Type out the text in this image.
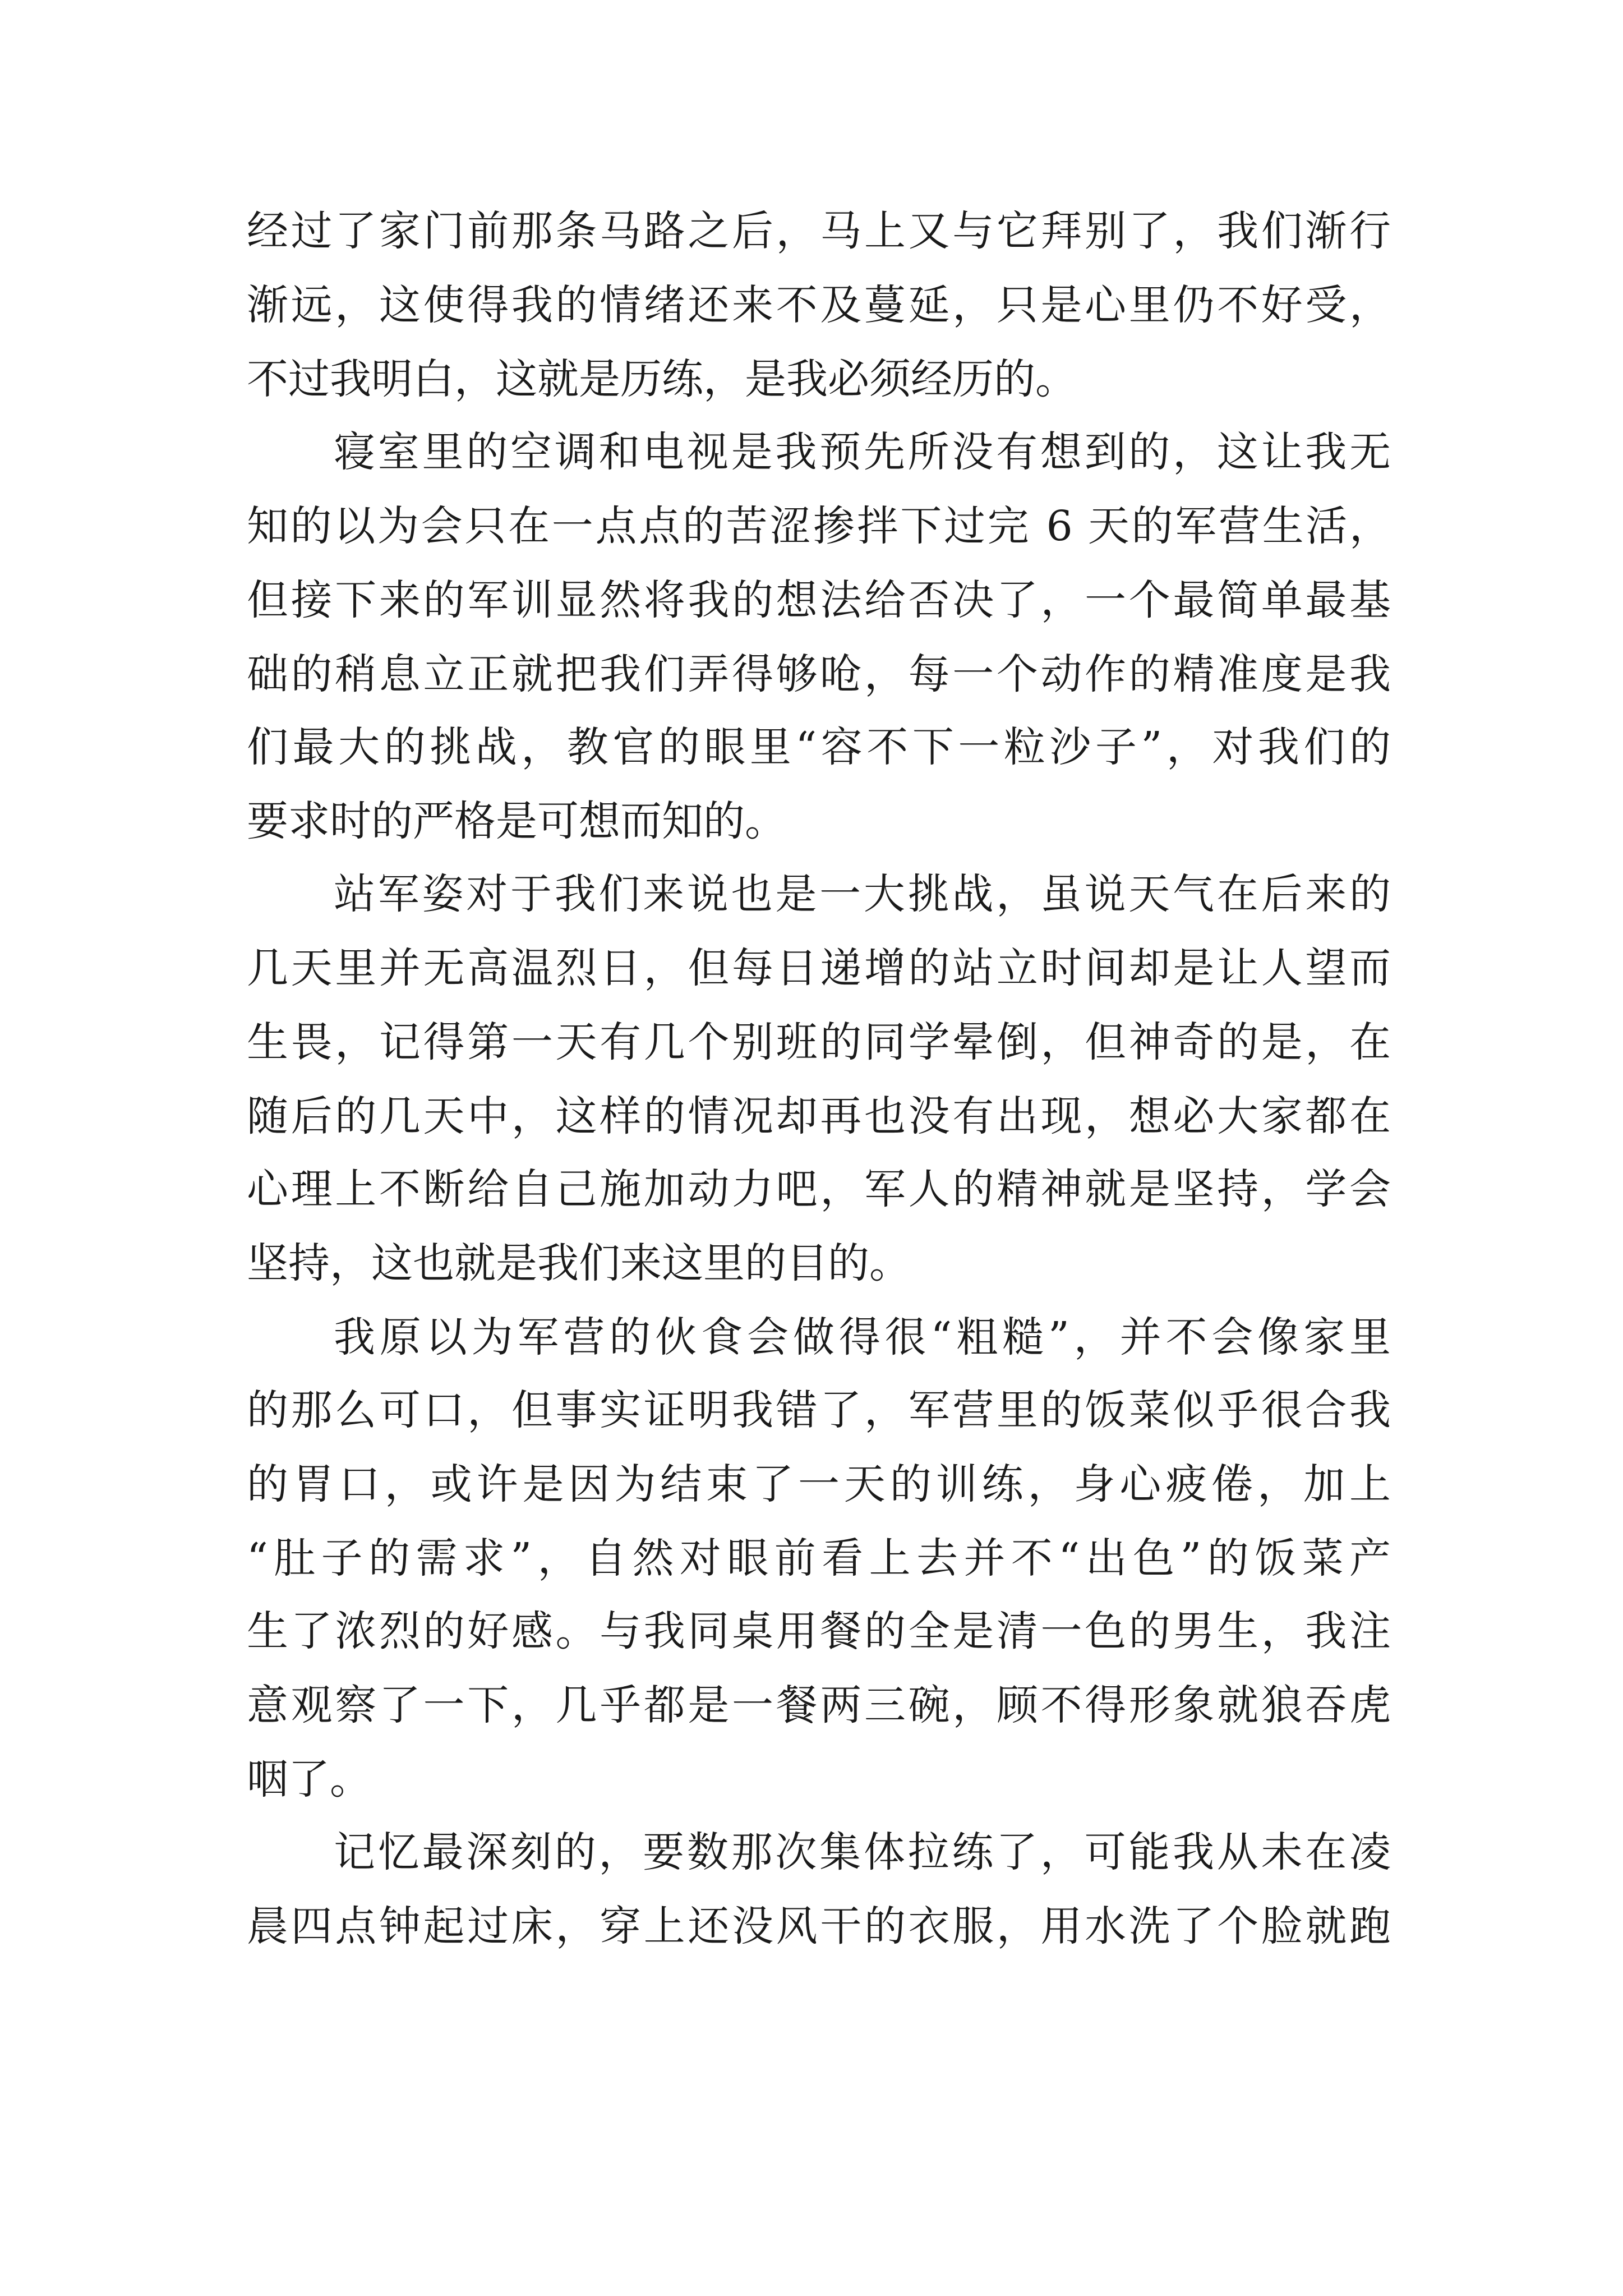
经过了家门前那条马路之后，马上又与它拜别了，我们渐行
渐远，这使得我的情绪还来不及蔓延，只是心里仍不好受，
不过我明白，这就是历练，是我必须经历的。
寝室里的空调和电视是我预先所没有想到的，这让我无
知的以为会只在一点点的苦涩掺拌下过完 6 天的军营生活，
但接下来的军训显然将我的想法给否决了，一个最简单最基
础的稍息立正就把我们弄得够呛，每一个动作的精准度是我
们最大的挑战，教官的眼里“容不下一粒沙子”，对我们的
要求时的严格是可想而知的。
站军姿对于我们来说也是一大挑战，虽说天气在后来的
几天里并无高温烈日，但每日递增的站立时间却是让人望而
生畏，记得第一天有几个别班的同学晕倒，但神奇的是，在
随后的几天中，这样的情况却再也没有出现，想必大家都在
心理上不断给自己施加动力吧，军人的精神就是坚持，学会
坚持，这也就是我们来这里的目的。
我原以为军营的伙食会做得很“粗糙”，并不会像家里
的那么可口，但事实证明我错了，军营里的饭菜似乎很合我
的胃口，或许是因为结束了一天的训练，身心疲倦，加上
“肚子的需求”，自然对眼前看上去并不“出色”的饭菜产
生了浓烈的好感。与我同桌用餐的全是清一色的男生，我注
意观察了一下，几乎都是一餐两三碗，顾不得形象就狼吞虎
咽了。
记忆最深刻的，要数那次集体拉练了，可能我从未在凌
晨四点钟起过床，穿上还没风干的衣服，用水洗了个脸就跑
